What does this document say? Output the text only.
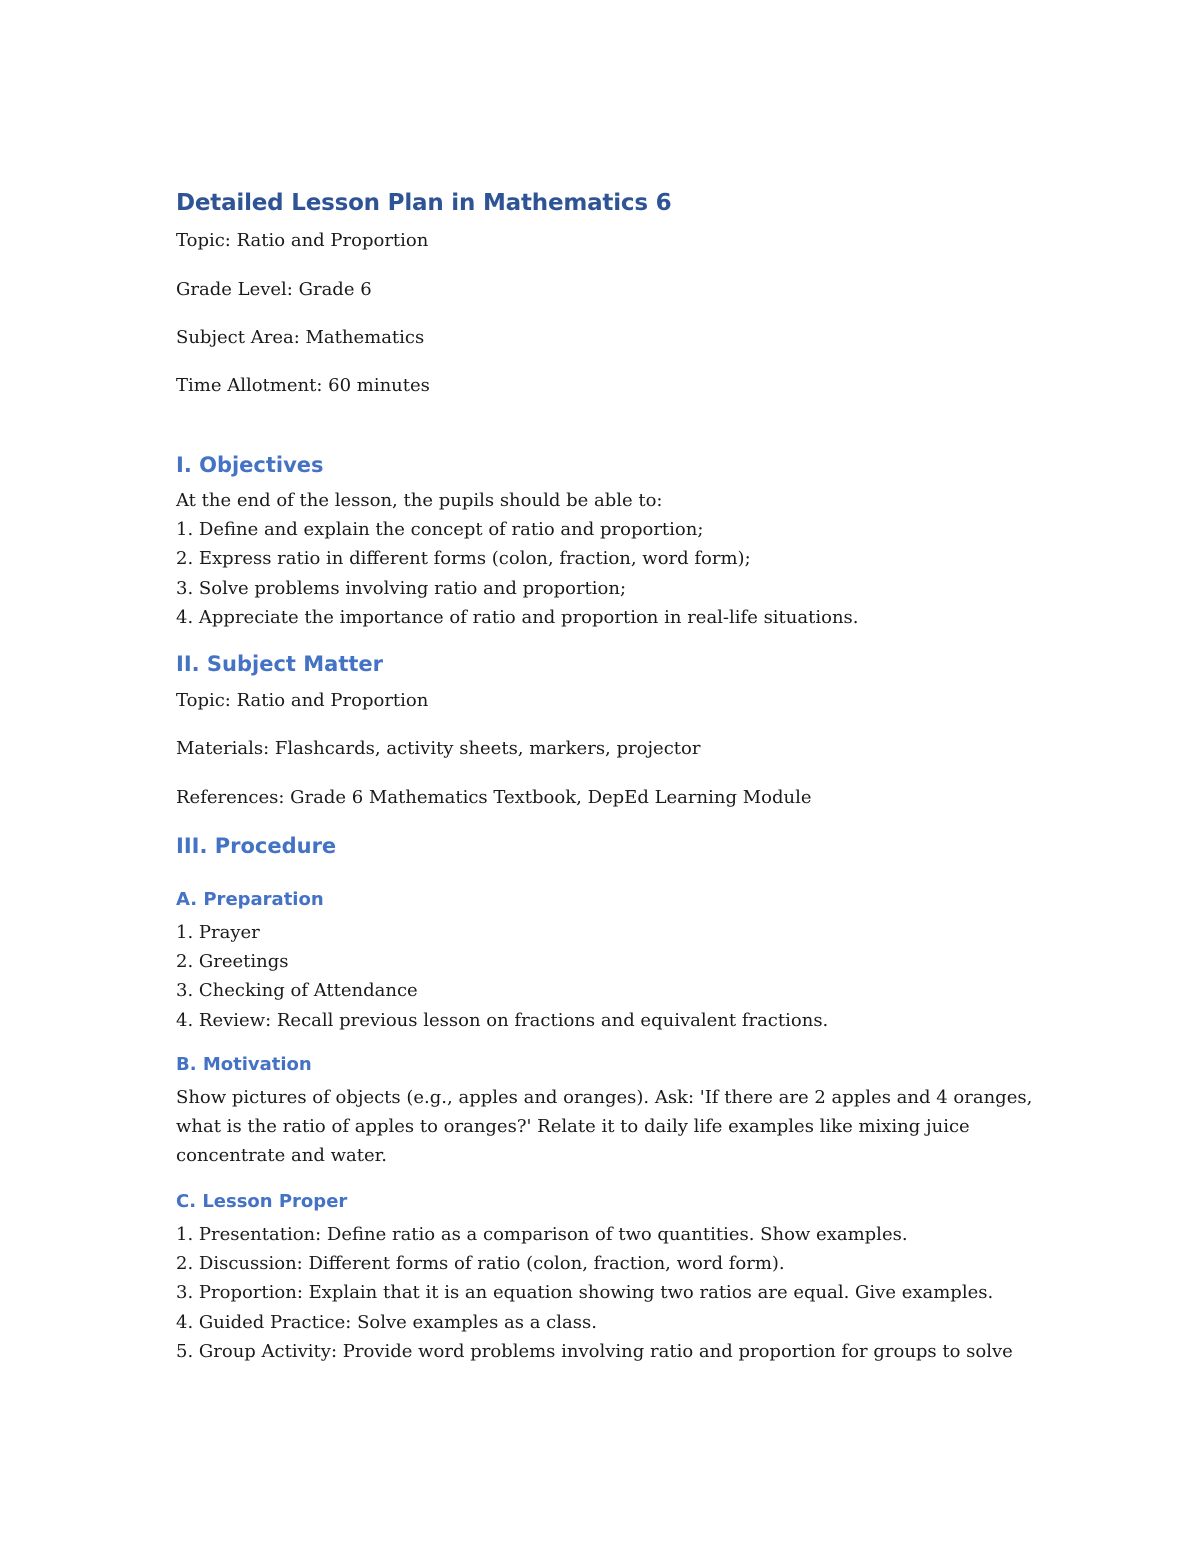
Detailed Lesson Plan in Mathematics 6
Topic: Ratio and Proportion
Grade Level: Grade 6
Subject Area: Mathematics
Time Allotment: 60 minutes
I. Objectives
At the end of the lesson, the pupils should be able to:
1. Define and explain the concept of ratio and proportion;
2. Express ratio in different forms (colon, fraction, word form);
3. Solve problems involving ratio and proportion;
4. Appreciate the importance of ratio and proportion in real-life situations.
II. Subject Matter
Topic: Ratio and Proportion
Materials: Flashcards, activity sheets, markers, projector
References: Grade 6 Mathematics Textbook, DepEd Learning Module
III. Procedure
A. Preparation
1. Prayer
2. Greetings
3. Checking of Attendance
4. Review: Recall previous lesson on fractions and equivalent fractions.
B. Motivation
Show pictures of objects (e.g., apples and oranges). Ask: 'If there are 2 apples and 4 oranges,
what is the ratio of apples to oranges?' Relate it to daily life examples like mixing juice
concentrate and water.
C. Lesson Proper
1. Presentation: Define ratio as a comparison of two quantities. Show examples.
2. Discussion: Different forms of ratio (colon, fraction, word form).
3. Proportion: Explain that it is an equation showing two ratios are equal. Give examples.
4. Guided Practice: Solve examples as a class.
5. Group Activity: Provide word problems involving ratio and proportion for groups to solve
